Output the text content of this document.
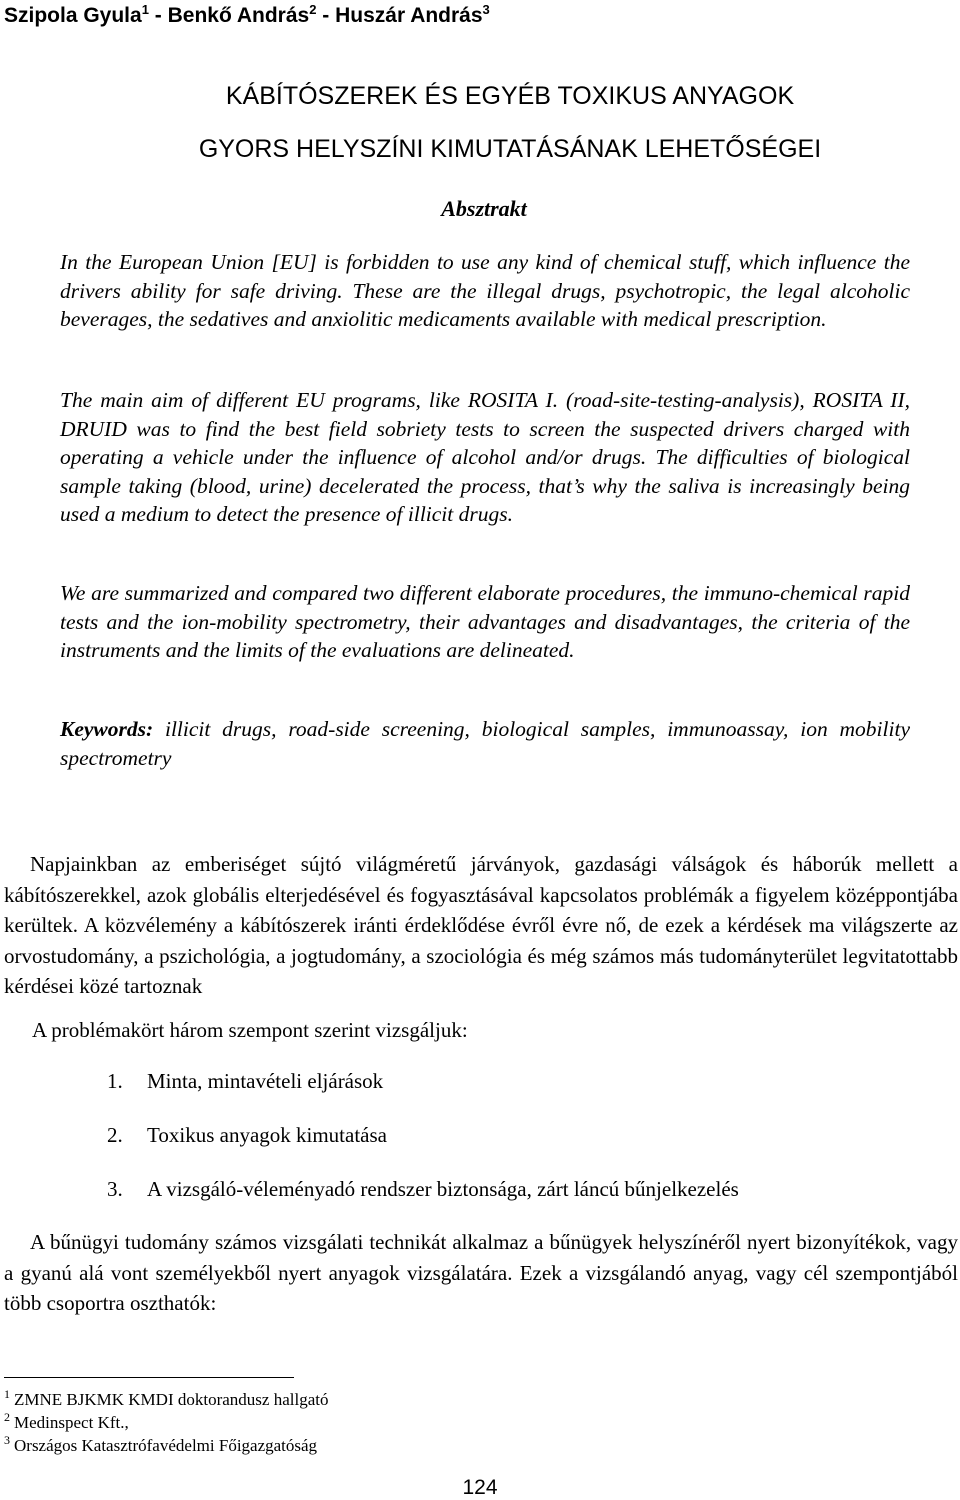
Szipola Gyula$^1$ - Benkő András$^2$ - Huszár András$^3$
KÁBÍTÓSZEREK ÉS EGYÉB TOXIKUS ANYAGOK
GYORS HELYSZÍNI KIMUTATÁSÁNAK LEHETŐSÉGEI
Absztrakt

In the European Union [EU] is forbidden to use any kind of chemical stuff, which influence the drivers ability for safe driving. These are the illegal drugs, psychotropic, the legal alcoholic beverages, the sedatives and anxiolitic medicaments available with medical prescription.

The main aim of different EU programs, like ROSITA I. (road-site-testing-analysis), ROSITA II, DRUID was to find the best field sobriety tests to screen the suspected drivers charged with operating a vehicle under the influence of alcohol and/or drugs. The difficulties of biological sample taking (blood, urine) decelerated the process, that’s why the saliva is increasingly being used a medium to detect the presence of illicit drugs.

We are summarized and compared two different elaborate procedures, the immuno-chemical rapid tests and the ion-mobility spectrometry, their advantages and disadvantages, the criteria of the instruments and the limits of the evaluations are delineated.

Keywords: illicit drugs, road-side screening, biological samples, immunoassay, ion mobility spectrometry

Napjainkban az emberiséget sújtó világméretű járványok, gazdasági válságok és háborúk mellett a kábítószerekkel, azok globális elterjedésével és fogyasztásával kapcsolatos problémák a figyelem középpontjába kerültek. A közvélemény a kábítószerek iránti érdeklődése évről évre nő, de ezek a kérdések ma világszerte az orvostudomány, a pszichológia, a jogtudomány, a szociológia és még számos más tudományterület legvitatottabb kérdései közé tartoznak

A problémakört három szempont szerint vizsgáljuk:
1. Minta, mintavételi eljárások
2. Toxikus anyagok kimutatása
3. A vizsgáló-véleményadó rendszer biztonsága, zárt láncú bűnjelkezelés

A bűnügyi tudomány számos vizsgálati technikát alkalmaz a bűnügyek helyszínéről nyert bizonyítékok, vagy a gyanú alá vont személyekből nyert anyagok vizsgálatára. Ezek a vizsgálandó anyag, vagy cél szempontjából több csoportra oszthatók:

$^1$ ZMNE BJKMK KMDI doktorandusz hallgató
$^2$ Medinspect Kft.,
$^3$ Országos Katasztrófavédelmi Főigazgatóság
124
